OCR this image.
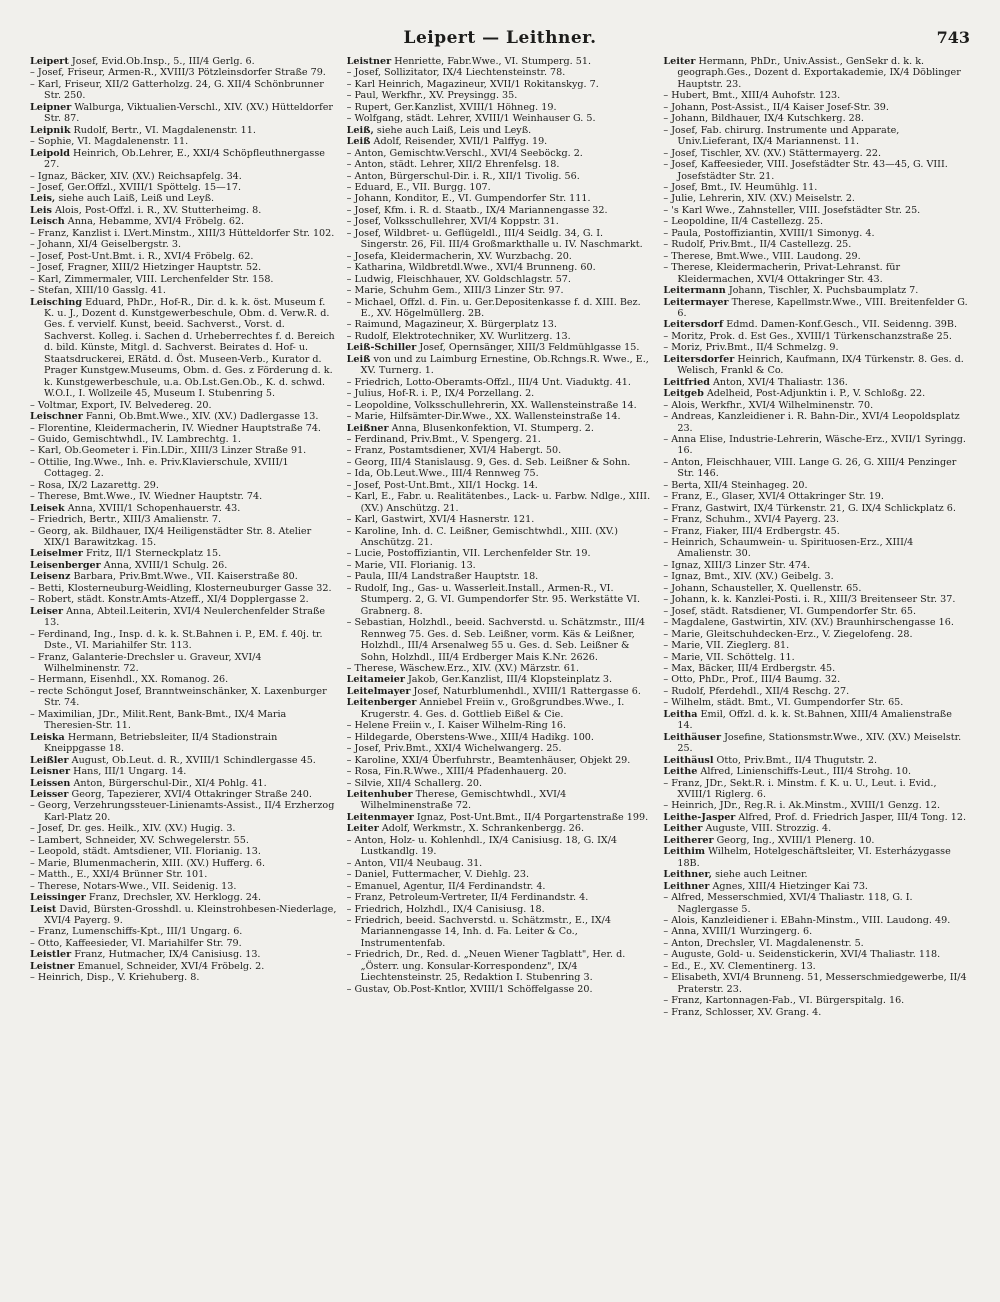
Leipert — Leithner.	743

Leipert Josef, Evid.Ob.Insp., 5., III/4 Gerlg. 6.

– Josef, Friseur, Armen-R., XVIII/3 Pötzleinsdorfer Straße 79.

– Karl, Friseur, XII/2 Gatterholzg. 24, G. XII/4 Schönbrunner Str. 250.

Leipner Walburga, Viktualien-Verschl., XIV. (XV.) Hütteldorfer Str. 87.

Leipnik Rudolf, Bertr., VI. Magdalenenstr. 11.

– Sophie, VI. Magdalenenstr. 11.

Leipold Heinrich, Ob.Lehrer, E., XXI/4 Schöpfleuthnergasse 27.

– Ignaz, Bäcker, XIV. (XV.) Reichsapfelg. 34.

– Josef, Ger.Offzl., XVIII/1 Spöttelg. 15—17.

Leis, siehe auch Laiß, Leiß und Leyß.

Leis Alois, Post-Offzl. i. R., XV. Stutterheimg. 8.

Leisch Anna, Hebamme, XVI/4 Fröbelg. 62.

– Franz, Kanzlist i. LVert.Minstm., XIII/3 Hütteldorfer Str. 102.

– Johann, XI/4 Geiselbergstr. 3.

– Josef, Post-Unt.Bmt. i. R., XVI/4 Fröbelg. 62.

– Josef, Fragner, XIII/2 Hietzinger Hauptstr. 52.

– Karl, Zimmermaler, VIII. Lerchenfelder Str. 158.

– Stefan, XIII/10 Gasslg. 41.

Leisching Eduard, PhDr., Hof-R., Dir. d. k. k. öst. Museum f. K. u. J., Dozent d. Kunstgewerbeschule, Obm. d. Verw.R. d. Ges. f. vervielf. Kunst, beeid. Sachverst., Vorst. d. Sachverst. Kolleg. i. Sachen d. Urheberrechtes f. d. Bereich d. bild. Künste, Mitgl. d. Sachverst. Beirates d. Hof- u. Staatsdruckerei, ERätd. d. Öst. Museen-Verb., Kurator d. Prager Kunstgew.Museums, Obm. d. Ges. z Förderung d. k. k. Kunstgewerbeschule, u.a. Ob.Lst.Gen.Ob., K. d. schwd. W.O.I., I. Wollzeile 45, Museum I. Stubenring 5.

– Voltmar, Export, IV. Belvedereg. 20.

Leischner Fanni, Ob.Bmt.Wwe., XIV. (XV.) Dadlergasse 13.

– Florentine, Kleidermacherin, IV. Wiedner Hauptstraße 74.

– Guido, Gemischtwhdl., IV. Lambrechtg. 1.

– Karl, Ob.Geometer i. Fin.LDir., XIII/3 Linzer Straße 91.

– Ottilie, Ing.Wwe., Inh. e. Priv.Klavierschule, XVIII/1 Cottageg. 2.

– Rosa, IX/2 Lazarettg. 29.

– Therese, Bmt.Wwe., IV. Wiedner Hauptstr. 74.

Leisek Anna, XVIII/1 Schopenhauerstr. 43.

– Friedrich, Bertr., XIII/3 Amalienstr. 7.

– Georg, ak. Bildhauer, IX/4 Heiligenstädter Str. 8. Atelier XIX/1 Barawitzkag. 15.

Leiselmer Fritz, II/1 Sterneckplatz 15.

Leisenberger Anna, XVIII/1 Schulg. 26.

Leisenz Barbara, Priv.Bmt.Wwe., VII. Kaiserstraße 80.

– Betti, Klosterneuburg-Weidling, Klosterneuburger Gasse 32.

– Robert, städt. Konstr.Amts-Atzeff., XI/4 Dopplergasse 2.

Leiser Anna, Abteil.Leiterin, XVI/4 Neulerchenfelder Straße 13.

– Ferdinand, Ing., Insp. d. k. k. St.Bahnen i. P., EM. f. 40j. tr. Dste., VI. Mariahilfer Str. 113.

– Franz, Galanterie-Drechsler u. Graveur, XVI/4 Wilhelminenstr. 72.

– Hermann, Eisenhdl., XX. Romanog. 26.

– recte Schöngut Josef, Branntweinschänker, X. Laxenburger Str. 74.

– Maximilian, JDr., Milit.Rent, Bank-Bmt., IX/4 Maria Theresien-Str. 11.

Leiska Hermann, Betriebsleiter, II/4 Stadionstrain Kneippgasse 18.

Leißler August, Ob.Leut. d. R., XVIII/1 Schindlergasse 45.

Leisner Hans, III/1 Ungarg. 14.

Leissen Anton, Bürgerschul-Dir., XI/4 Pohlg. 41.

Leisser Georg, Tapezierer, XVI/4 Ottakringer Straße 240.

– Georg, Verzehrungssteuer-Linienamts-Assist., II/4 Erzherzog Karl-Platz 20.

– Josef, Dr. ges. Heilk., XIV. (XV.) Hugig. 3.

– Lambert, Schneider, XV. Schwegelerstr. 55.

– Leopold, städt. Amtsdiener, VII. Florianig. 13.

– Marie, Blumenmacherin, XIII. (XV.) Hufferg. 6.

– Matth., E., XXI/4 Brünner Str. 101.

– Therese, Notars-Wwe., VII. Seidenig. 13.

Leissinger Franz, Drechsler, XV. Herklogg. 24.

Leist David, Bürsten-Grosshdl. u. Kleinstrohbesen-Niederlage, XVI/4 Payerg. 9.

– Franz, Lumenschiffs-Kpt., III/1 Ungarg. 6.

– Otto, Kaffeesieder, VI. Mariahilfer Str. 79.

Leistler Franz, Hutmacher, IX/4 Canisiusg. 13.

Leistner Emanuel, Schneider, XVI/4 Fröbelg. 2.

– Heinrich, Disp., V. Kriehuberg. 8.

Leistner Henriette, Fabr.Wwe., VI. Stumperg. 51.

– Josef, Sollizitator, IX/4 Liechtensteinstr. 78.

– Karl Heinrich, Magazineur, XVII/1 Rokitanskyg. 7.

– Paul, Werkfhr., XV. Preysingg. 35.

– Rupert, Ger.Kanzlist, XVIII/1 Höhneg. 19.

– Wolfgang, städt. Lehrer, XVIII/1 Weinhauser G. 5.

Leiß, siehe auch Laiß, Leis und Leyß.

Leiß Adolf, Reisender, XVII/1 Palffyg. 19.

– Anton, Gemischtw.Verschl., XVI/4 Seeböckg. 2.

– Anton, städt. Lehrer, XII/2 Ehrenfelsg. 18.

– Anton, Bürgerschul-Dir. i. R., XII/1 Tivolig. 56.

– Eduard, E., VII. Burgg. 107.

– Johann, Konditor, E., VI. Gumpendorfer Str. 111.

– Josef, Kfm. i. R. d. Staatb., IX/4 Mariannengasse 32.

– Josef, Volksschullehrer, XVI/4 Koppstr. 31.

– Josef, Wildbret- u. Geflügeldl., III/4 Seidlg. 34, G. I. Singerstr. 26, Fil. III/4 Großmarkthalle u. IV. Naschmarkt.

– Josefa, Kleidermacherin, XV. Wurzbachg. 20.

– Katharina, Wildbretdl.Wwe., XVI/4 Brunneng. 60.

– Ludwig, Fleischhauer, XV. Goldschlagstr. 57.

– Marie, Schuhm Gem., XIII/3 Linzer Str. 97.

– Michael, Offzl. d. Fin. u. Ger.Depositenkasse f. d. XIII. Bez. E., XV. Högelmüllerg. 2B.

– Raimund, Magazineur, X. Bürgerplatz 13.

– Rudolf, Elektrotechniker, XV. Wurlitzerg. 13.

Leiß-Schiller Josef, Opernsänger, XIII/3 Feldmühlgasse 15.

Leiß von und zu Laimburg Ernestine, Ob.Rchngs.R. Wwe., E., XV. Turnerg. 1.

– Friedrich, Lotto-Oberamts-Offzl., III/4 Unt. Viaduktg. 41.

– Julius, Hof-R. i. P., IX/4 Porzellang. 2.

– Leopoldine, Volksschullehrerin, XX. Wallensteinstraße 14.

– Marie, Hilfsämter-Dir.Wwe., XX. Wallensteinstraße 14.

Leißner Anna, Blusenkonfektion, VI. Stumperg. 2.

– Ferdinand, Priv.Bmt., V. Spengerg. 21.

– Franz, Postamtsdiener, XVI/4 Habergt. 50.

– Georg, III/4 Stanislausg. 9, Ges. d. Seb. Leißner & Sohn.

– Ida, Ob.Leut.Wwe., III/4 Rennweg 75.

– Josef, Post-Unt.Bmt., XII/1 Hockg. 14.

– Karl, E., Fabr. u. Realitätenbes., Lack- u. Farbw. Ndlge., XIII. (XV.) Anschützg. 21.

– Karl, Gastwirt, XVI/4 Hasnerstr. 121.

– Karoline, Inh. d. C. Leißner, Gemischtwhdl., XIII. (XV.) Anschützg. 21.

– Lucie, Postoffiziantin, VII. Lerchenfelder Str. 19.

– Marie, VII. Florianig. 13.

– Paula, III/4 Landstraßer Hauptstr. 18.

– Rudolf, Ing., Gas- u. Wasserleit.Install., Armen-R., VI. Stumperg. 2, G. VI. Gumpendorfer Str. 95. Werkstätte VI. Grabnerg. 8.

– Sebastian, Holzhdl., beeid. Sachverstd. u. Schätzmstr., III/4 Rennweg 75. Ges. d. Seb. Leißner, vorm. Käs & Leißner, Holzhdl., III/4 Arsenalweg 55 u. Ges. d. Seb. Leißner & Sohn, Holzhdl., III/4 Erdberger Mais K.Nr. 2626.

– Therese, Wäschew.Erz., XIV. (XV.) Märzstr. 61.

Leitameier Jakob, Ger.Kanzlist, III/4 Klopsteinplatz 3.

Leitelmayer Josef, Naturblumenhdl., XVIII/1 Rattergasse 6.

Leitenberger Anniebel Freiin v., Großgrundbes.Wwe., I. Krugerstr. 4. Ges. d. Gottlieb Eißel & Cie.

– Helene Freiin v., I. Kaiser Wilhelm-Ring 16.

– Hildegarde, Oberstens-Wwe., XIII/4 Hadikg. 100.

– Josef, Priv.Bmt., XXI/4 Wichelwangerg. 25.

– Karoline, XXI/4 Überfuhrstr., Beamtenhäuser, Objekt 29.

– Rosa, Fin.R.Wwe., XIII/4 Pfadenhauerg. 20.

– Silvie, XII/4 Schallerg. 20.

Leitenhuber Therese, Gemischtwhdl., XVI/4 Wilhelminenstraße 72.

Leitenmayer Ignaz, Post-Unt.Bmt., II/4 Porgartenstraße 199.

Leiter Adolf, Werkmstr., X. Schrankenbergg. 26.

– Anton, Holz- u. Kohlenhdl., IX/4 Canisiusg. 18, G. IX/4 Lustkandlg. 19.

– Anton, VII/4 Neubaug. 31.

– Daniel, Futtermacher, V. Diehlg. 23.

– Emanuel, Agentur, II/4 Ferdinandstr. 4.

– Franz, Petroleum-Vertreter, II/4 Ferdinandstr. 4.

– Friedrich, Holzhdl., IX/4 Canisiusg. 18.

– Friedrich, beeid. Sachverstd. u. Schätzmstr., E., IX/4 Mariannengasse 14, Inh. d. Fa. Leiter & Co., Instrumentenfab.

– Friedrich, Dr., Red. d. „Neuen Wiener Tagblatt", Her. d. „Österr. ung. Konsular-Korrespondenz", IX/4 Liechtensteinstr. 25, Redaktion I. Stubenring 3.

– Gustav, Ob.Post-Kntlor, XVIII/1 Schöffelgasse 20.

Leiter Hermann, PhDr., Univ.Assist., GenSekr d. k. k. geograph.Ges., Dozent d. Exportakademie, IX/4 Döblinger Hauptstr. 23.

– Hubert, Bmt., XIII/4 Auhofstr. 123.

– Johann, Post-Assist., II/4 Kaiser Josef-Str. 39.

– Johann, Bildhauer, IX/4 Kutschkerg. 28.

– Josef, Fab. chirurg. Instrumente und Apparate, Univ.Lieferant, IX/4 Mariannenst. 11.

– Josef, Tischler, XV. (XV.) Stättermayerg. 22.

– Josef, Kaffeesieder, VIII. Josefstädter Str. 43—45, G. VIII. Josefstädter Str. 21.

– Josef, Bmt., IV. Heumühlg. 11.

– Julie, Lehrerin, XIV. (XV.) Meiselstr. 2.

– 's Karl Wwe., Zahnsteller, VIII. Josefstädter Str. 25.

– Leopoldine, II/4 Castellezg. 25.

– Paula, Postoffiziantin, XVIII/1 Simonyg. 4.

– Rudolf, Priv.Bmt., II/4 Castellezg. 25.

– Therese, Bmt.Wwe., VIII. Laudong. 29.

– Therese, Kleidermacherin, Privat-Lehranst. für Kleidermachen, XVI/4 Ottakringer Str. 43.

Leitermann Johann, Tischler, X. Puchsbaumplatz 7.

Leitermayer Therese, Kapellmstr.Wwe., VIII. Breitenfelder G. 6.

Leitersdorf Edmd. Damen-Konf.Gesch., VII. Seidenng. 39B.

– Moritz, Prok. d. Est Ges., XVIII/1 Türkenschanzstraße 25.

– Moriz, Priv.Bmt., II/4 Schmelzg. 9.

Leitersdorfer Heinrich, Kaufmann, IX/4 Türkenstr. 8. Ges. d. Welisch, Frankl & Co.

Leitfried Anton, XVI/4 Thaliastr. 136.

Leitgeb Adelheid, Post-Adjunktin i. P., V. Schloßg. 22.

– Alois, Werkfhr., XVI/4 Wilhelminenstr. 70.

– Andreas, Kanzleidiener i. R. Bahn-Dir., XVI/4 Leopoldsplatz 23.

– Anna Elise, Industrie-Lehrerin, Wäsche-Erz., XVII/1 Syringg. 16.

– Anton, Fleischhauer, VIII. Lange G. 26, G. XIII/4 Penzinger Str. 146.

– Berta, XII/4 Steinhageg. 20.

– Franz, E., Glaser, XVI/4 Ottakringer Str. 19.

– Franz, Gastwirt, IX/4 Türkenstr. 21, G. IX/4 Schlickplatz 6.

– Franz, Schuhm., XVI/4 Payerg. 23.

– Franz, Fiaker, III/4 Erdbergstr. 45.

– Heinrich, Schaumwein- u. Spirituosen-Erz., XIII/4 Amalienstr. 30.

– Ignaz, XIII/3 Linzer Str. 474.

– Ignaz, Bmt., XIV. (XV.) Geibelg. 3.

– Johann, Schausteller, X. Quellenstr. 65.

– Johann, k. k. Kanzlei-Posti. i. R., XIII/3 Breitenseer Str. 37.

– Josef, städt. Ratsdiener, VI. Gumpendorfer Str. 65.

– Magdalene, Gastwirtin, XIV. (XV.) Braunhirschengasse 16.

– Marie, Gleitschuhdecken-Erz., V. Ziegelofeng. 28.

– Marie, VII. Zieglerg. 81.

– Marie, VII. Schöttelg. 11.

– Max, Bäcker, III/4 Erdbergstr. 45.

– Otto, PhDr., Prof., III/4 Baumg. 32.

– Rudolf, Pferdehdl., XII/4 Reschg. 27.

– Wilhelm, städt. Bmt., VI. Gumpendorfer Str. 65.

Leitha Emil, Offzl. d. k. k. St.Bahnen, XIII/4 Amalienstraße 14.

Leithäuser Josefine, Stationsmstr.Wwe., XIV. (XV.) Meiselstr. 25.

Leithäusl Otto, Priv.Bmt., II/4 Thugutstr. 2.

Leithe Alfred, Linienschiffs-Leut., III/4 Strohg. 10.

– Franz, JDr., Sekt.R. i. Minstm. f. K. u. U., Leut. i. Evid., XVIII/1 Riglerg. 6.

– Heinrich, JDr., Reg.R. i. Ak.Minstm., XVIII/1 Genzg. 12.

Leithe-Jasper Alfred, Prof. d. Friedrich Jasper, III/4 Tong. 12.

Leither Auguste, VIII. Strozzig. 4.

Leitherer Georg, Ing., XVIII/1 Plenerg. 10.

Leithim Wilhelm, Hotelgeschäftsleiter, VI. Esterházygasse 18B.

Leithner, siehe auch Leitner.

Leithner Agnes, XIII/4 Hietzinger Kai 73.

– Alfred, Messerschmied, XVI/4 Thaliastr. 118, G. I. Naglergasse 5.

– Alois, Kanzleidiener i. EBahn-Minstm., VIII. Laudong. 49.

– Anna, XVIII/1 Wurzingerg. 6.

– Anton, Drechsler, VI. Magdalenenstr. 5.

– Auguste, Gold- u. Seidenstickerin, XVI/4 Thaliastr. 118.

– Ed., E., XV. Clementinerg. 13.

– Elisabeth, XVI/4 Brunneng. 51, Messerschmiedgewerbe, II/4 Praterstr. 23.

– Franz, Kartonnagen-Fab., VI. Bürgerspitalg. 16.

– Franz, Schlosser, XV. Grang. 4.
